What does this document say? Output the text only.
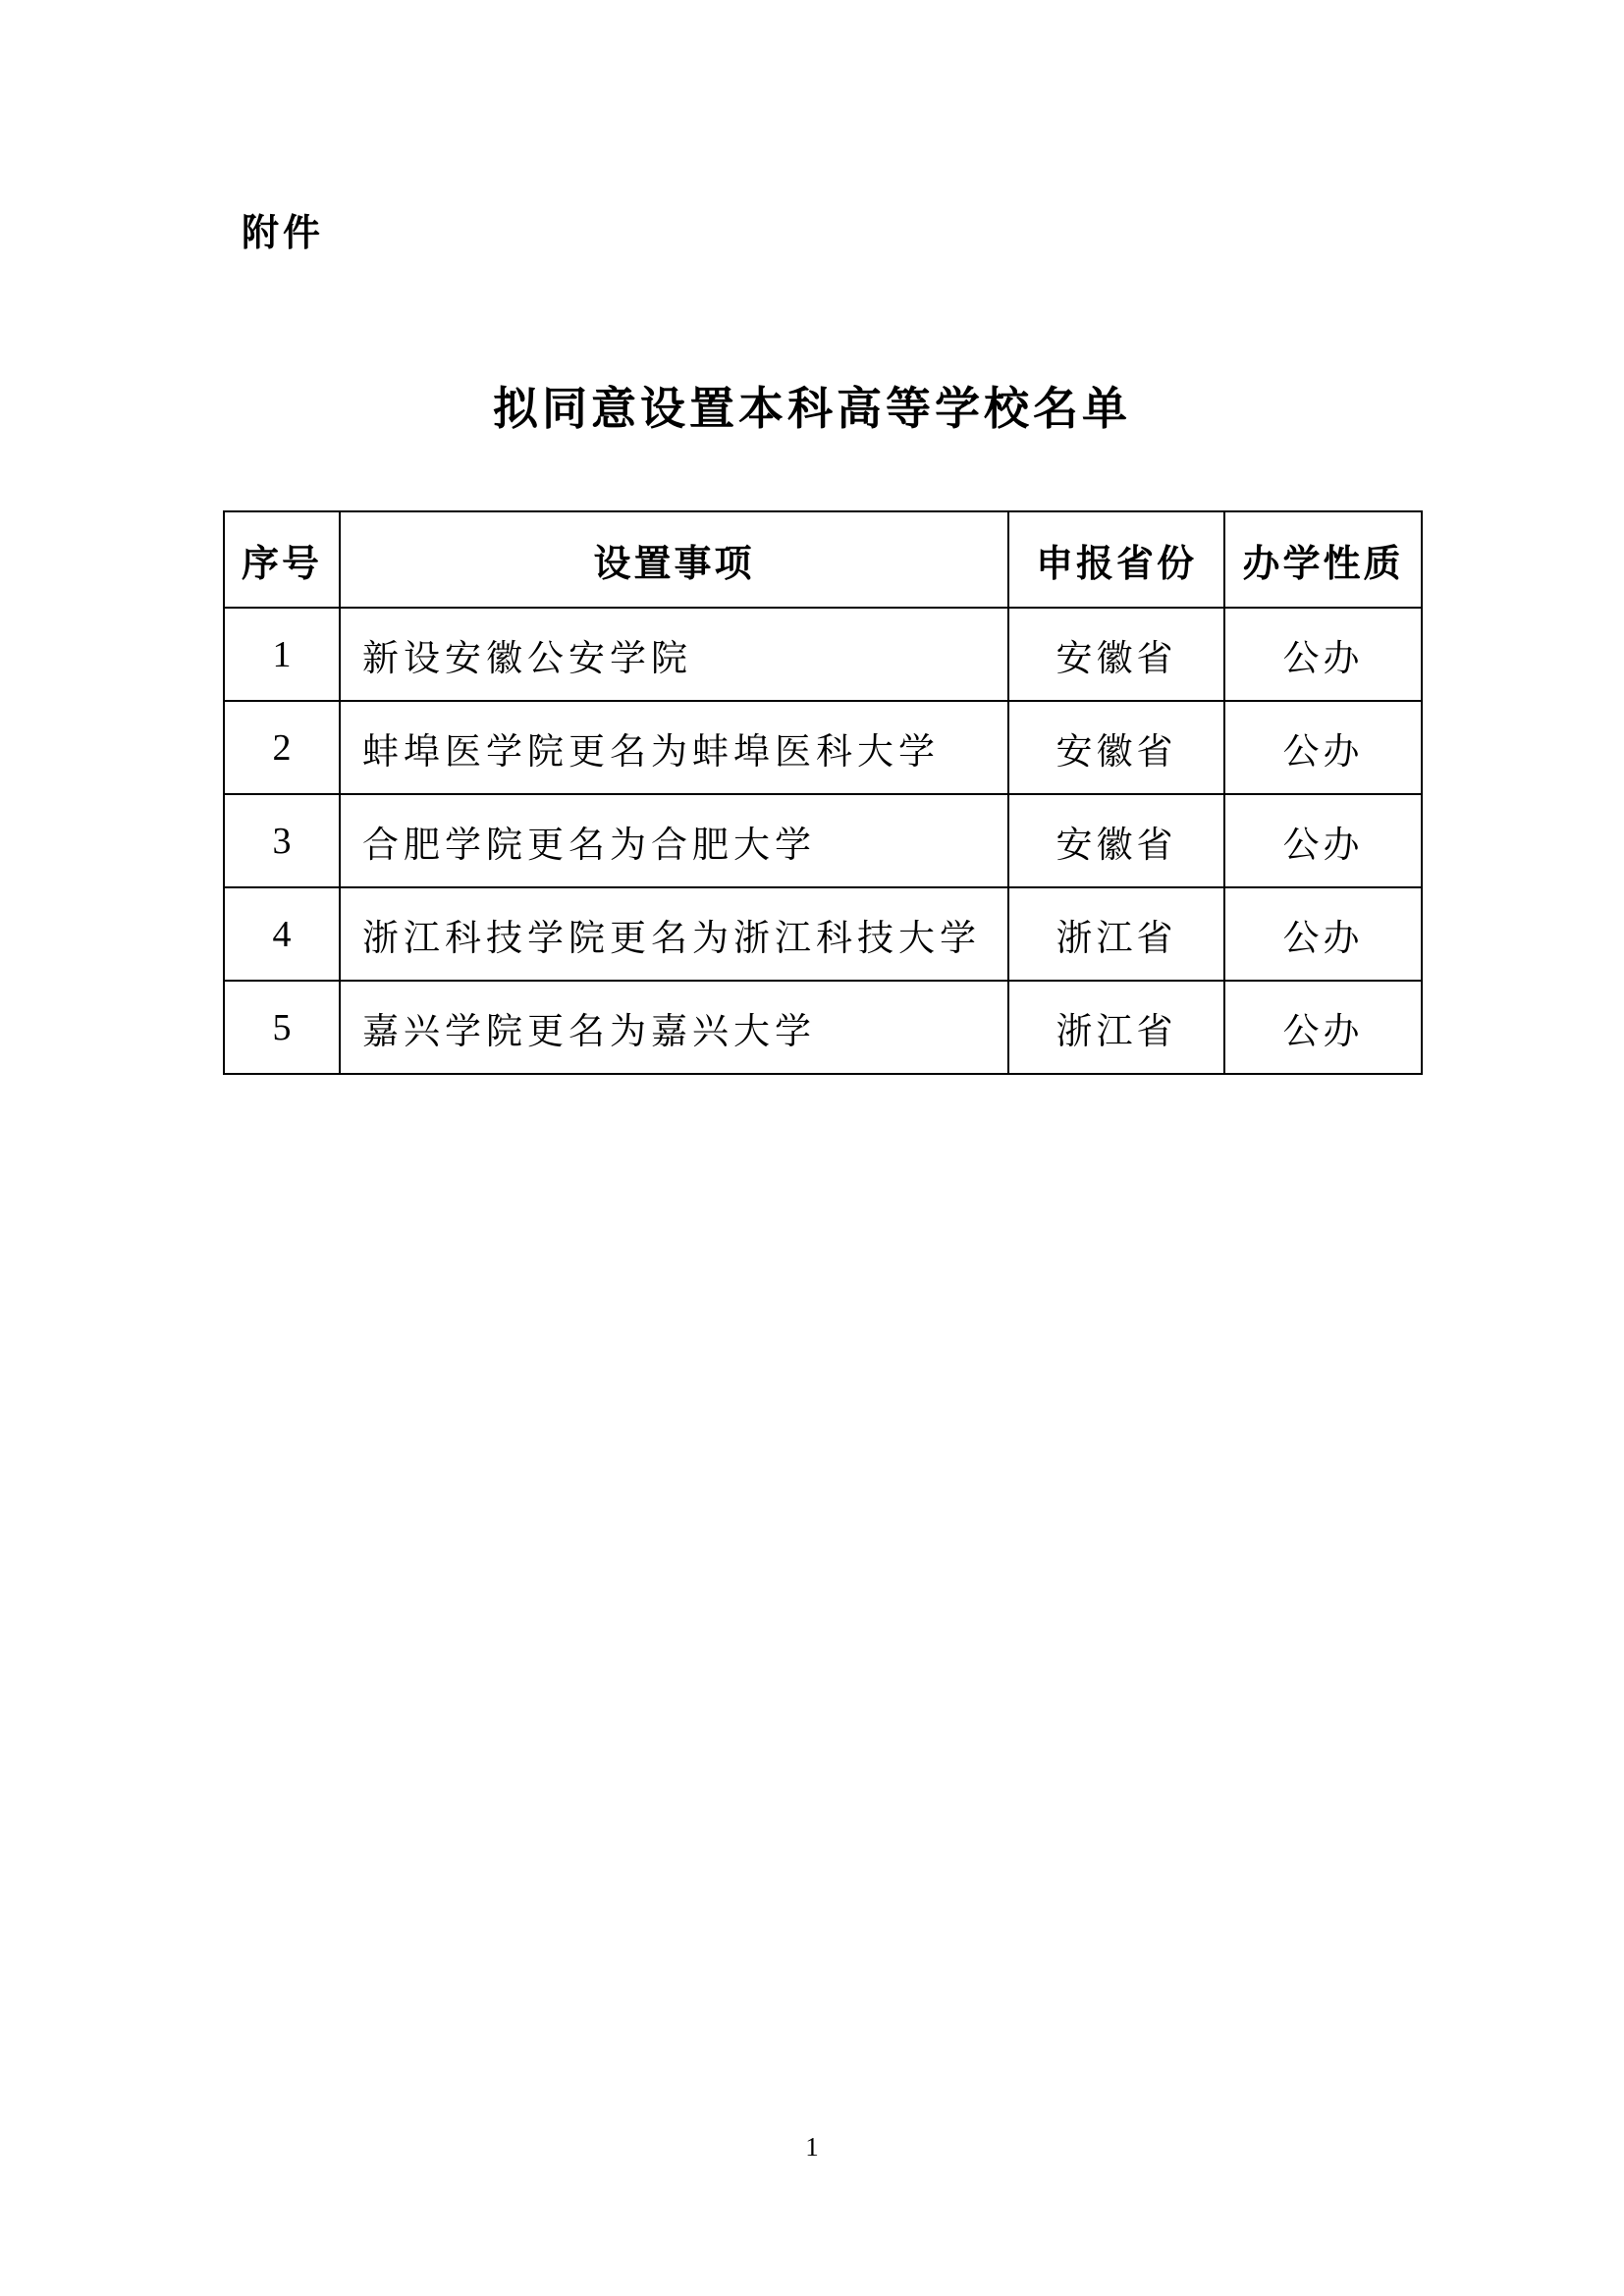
附件
拟同意设置本科高等学校名单
序号	设置事项	申报省份	办学性质
1	新设安徽公安学院	安徽省	公办
2	蚌埠医学院更名为蚌埠医科大学	安徽省	公办
3	合肥学院更名为合肥大学	安徽省	公办
4	浙江科技学院更名为浙江科技大学	浙江省	公办
5	嘉兴学院更名为嘉兴大学	浙江省	公办
1
